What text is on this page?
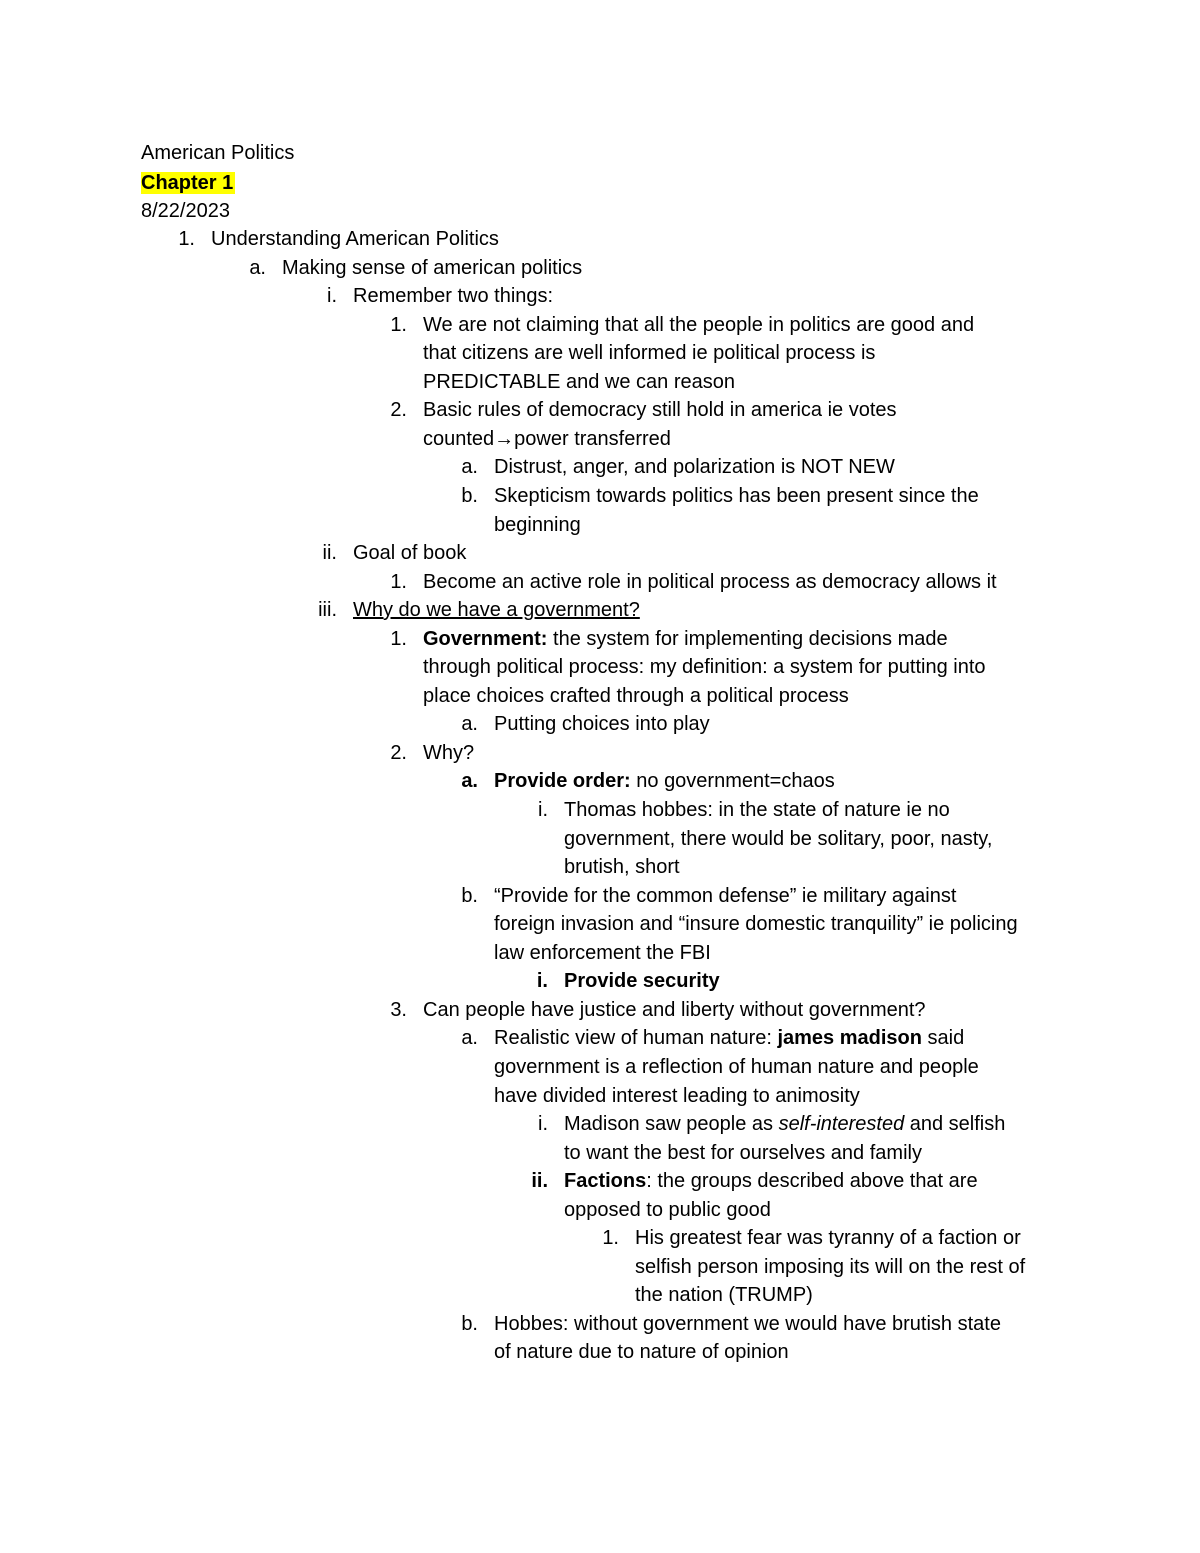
American Politics
Chapter 1
8/22/2023
1. Understanding American Politics
a. Making sense of american politics
i. Remember two things:
1. We are not claiming that all the people in politics are good and
that citizens are well informed ie political process is
PREDICTABLE and we can reason
2. Basic rules of democracy still hold in america ie votes
counted→power transferred
a. Distrust, anger, and polarization is NOT NEW
b. Skepticism towards politics has been present since the
beginning
ii. Goal of book
1. Become an active role in political process as democracy allows it
iii. Why do we have a government?
1. Government: the system for implementing decisions made
through political process: my definition: a system for putting into
place choices crafted through a political process
a. Putting choices into play
2. Why?
a. Provide order: no government=chaos
i. Thomas hobbes: in the state of nature ie no
government, there would be solitary, poor, nasty,
brutish, short
b. “Provide for the common defense” ie military against
foreign invasion and “insure domestic tranquility” ie policing
law enforcement the FBI
i. Provide security
3. Can people have justice and liberty without government?
a. Realistic view of human nature: james madison said
government is a reflection of human nature and people
have divided interest leading to animosity
i. Madison saw people as self-interested and selfish
to want the best for ourselves and family
ii. Factions: the groups described above that are
opposed to public good
1. His greatest fear was tyranny of a faction or
selfish person imposing its will on the rest of
the nation (TRUMP)
b. Hobbes: without government we would have brutish state
of nature due to nature of opinion
